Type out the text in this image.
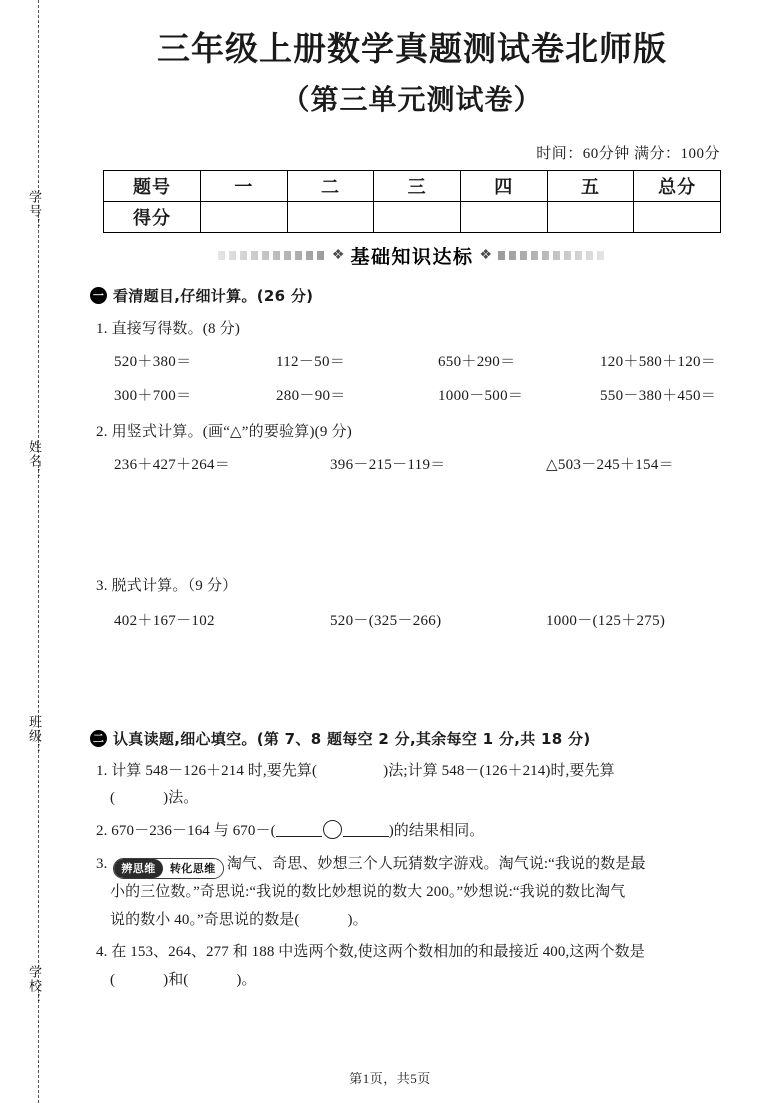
学号：
姓名：
班级：
学校：
三年级上册数学真题测试卷北师版
（第三单元测试卷）
时间：60分钟 满分：100分
题号	一	二	三	四	五	总分
得分						
❖ 基础知识达标 ❖
一 看清题目,仔细计算。(26 分)
1. 直接写得数。(8 分)
520＋380＝	112－50＝	650＋290＝	120＋580＋120＝
300＋700＝	280－90＝	1000－500＝	550－380＋450＝
2. 用竖式计算。(画“△”的要验算)(9 分)
236＋427＋264＝	396－215－119＝	△503－245＋154＝
3. 脱式计算。（9 分）
402＋167－102	520－(325－266)	1000－(125＋275)
二 认真读题,细心填空。(第 7、8 题每空 2 分,其余每空 1 分,共 18 分)
1. 计算 548－126＋214 时,要先算(	)法;计算 548－(126＋214)时,要先算
(	)法。
2. 670－236－164 与 670－(	)的结果相同。
3.	辨思维	转化思维 淘气、奇思、妙想三个人玩猜数字游戏。淘气说:“我说的数是最
小的三位数。”奇思说:“我说的数比妙想说的数大 200。”妙想说:“我说的数比淘气
说的数小 40。”奇思说的数是(	)。
4. 在 153、264、277 和 188 中选两个数,使这两个数相加的和最接近 400,这两个数是
(	)和(	)。
第1页，共5页
